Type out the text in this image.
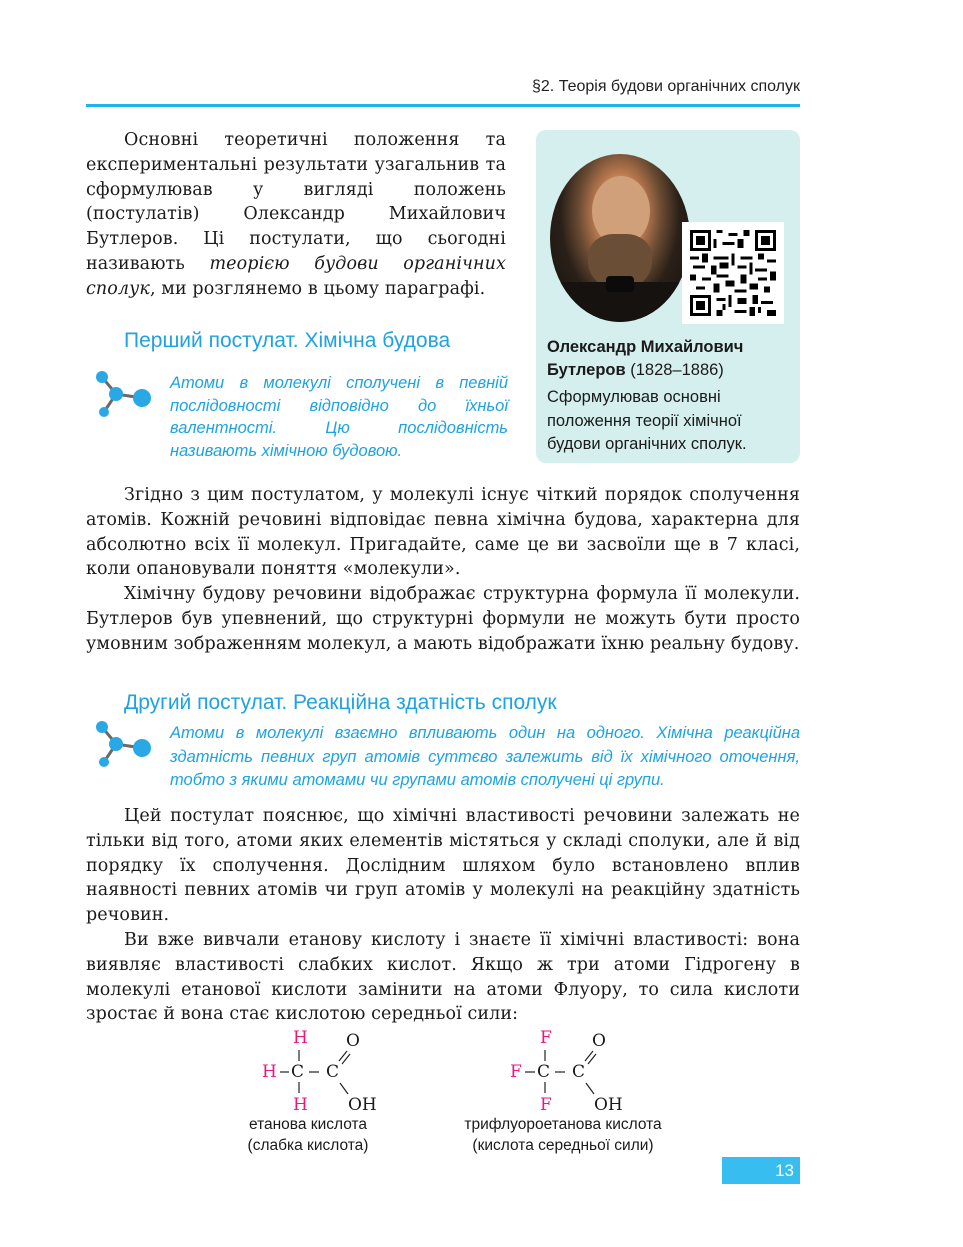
§2. Теорія будови органічних сполук
Основні теоретичні положення та експериментальні результати узагальнив та сформулював у вигляді положень (постулатів) Олександр Михайлович Бутлеров. Ці постулати, що сьогодні називають теорією будови органічних сполук, ми розглянемо в цьому параграфі.
Олександр Михайлович Бутлеров (1828–1886)
Сформулював основні положення теорії хімічної будови органічних сполук.
Перший постулат. Хімічна будова
Атоми в молекулі сполучені в певній послідовності відповідно до їхньої валентності. Цю послідовність називають хімічною будовою.

Згідно з цим постулатом, у молекулі існує чіткий порядок сполучення атомів. Кожній речовині відповідає певна хімічна будова, характерна для абсолютно всіх її молекул. Пригадайте, саме це ви засвоїли ще в 7 класі, коли опановували поняття «молекули».

Хімічну будову речовини відображає структурна формула її молекули. Бутлеров був упевнений, що структурні формули не можуть бути просто умовним зображенням молекул, а мають відображати їхню реальну будову.

Другий постулат. Реакційна здатність сполук
Атоми в молекулі взаємно впливають один на одного. Хімічна реакційна здатність певних груп атомів суттєво залежить від їх хімічного оточення, тобто з якими атомами чи групами атомів сполучені ці групи.

Цей постулат пояснює, що хімічні властивості речовини залежать не тільки від того, атоми яких елементів містяться у складі сполуки, але й від порядку їх сполучення. Дослідним шляхом було встановлено вплив наявності певних атомів чи груп атомів у молекулі на реакційну здатність речовин.

Ви вже вивчали етанову кислоту і знаєте її хімічні властивості: вона виявляє властивості слабких кислот. Якщо ж три атоми Гідрогену в молекулі етанової кислоти замінити на атоми Флуору, то сила кислоти зростає й вона стає кислотою середньої сили:

H O
H C C
H OH
етанова кислота
(слабка кислота)
F O
F C C
F OH
трифлуороетанова кислота
(кислота середньої сили)
13
